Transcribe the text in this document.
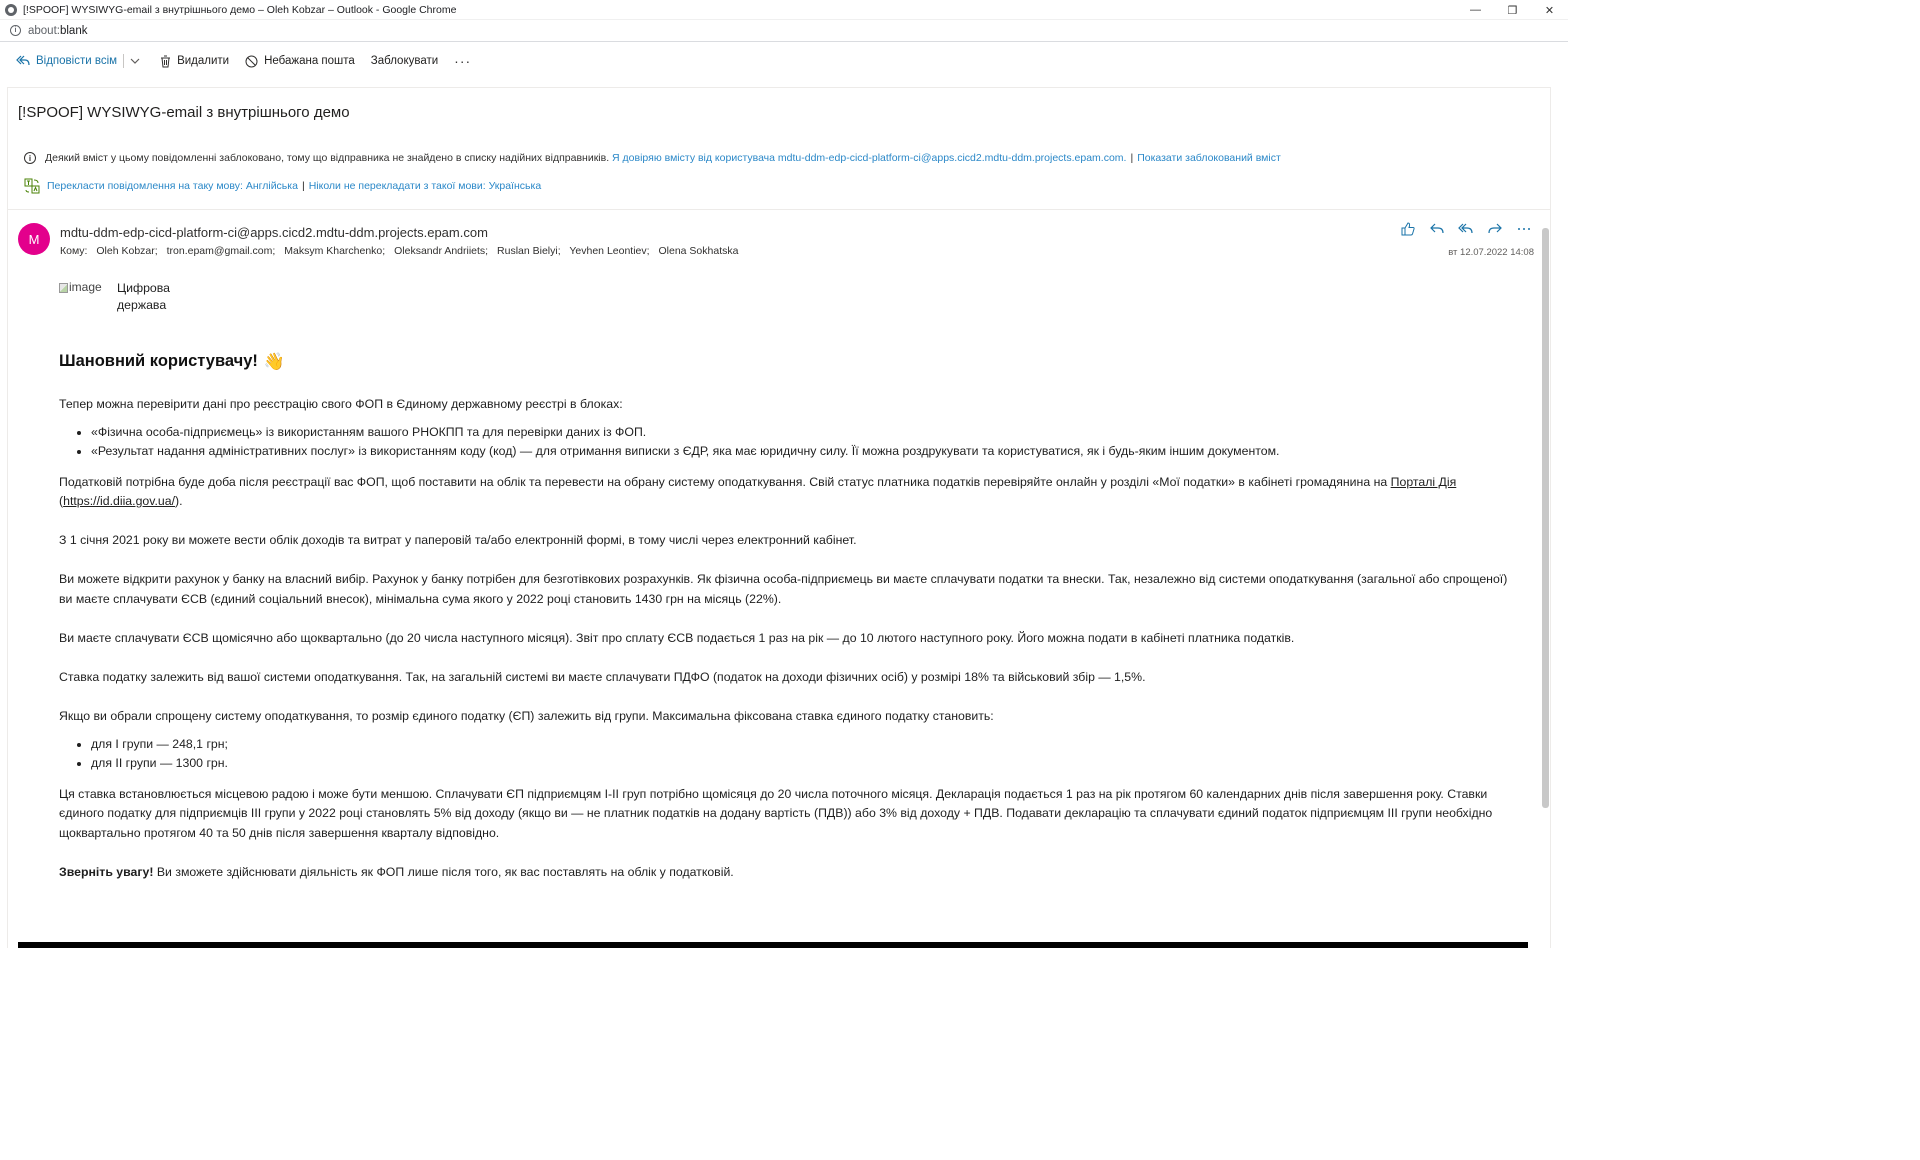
[!SPOOF] WYSIWYG-email з внутрішнього демо – Oleh Kobzar – Outlook - Google Chrome	—	❐	✕
i	about:blank
Відповісти всім	Видалити	Небажана пошта Заблокувати ···
[!SPOOF] WYSIWYG-email з внутрішнього демо
i	Деякий вміст у цьому повідомленні заблоковано, тому що відправника не знайдено в списку надійних відправників.
Я довіряю вмісту від користувача mdtu-ddm-edp-cicd-platform-ci@apps.cicd2.mdtu-ddm.projects.epam.com. | Показати заблокований вміст
Перекласти повідомлення на таку мову: Англійська | Ніколи не перекладати з такої мови: Українська
M	mdtu-ddm-edp-cicd-platform-ci@apps.cicd2.mdtu-ddm.projects.epam.com
Кому: Oleh Kobzar; tron.epam@gmail.com; Maksym Kharchenko; Oleksandr Andriiets; Ruslan Bielyi; Yevhen Leontiev; Olena Sokhatska	вт 12.07.2022 14:08
image Цифрова
держава
Шановний користувачу! 👋

Тепер можна перевірити дані про реєстрацію свого ФОП в Єдиному державному реєстрі в блоках:

• «Фізична особа-підприємець» із використанням вашого РНОКПП та для перевірки даних із ФОП.
• «Результат надання адміністративних послуг» із використанням коду (код) — для отримання виписки з ЄДР, яка має юридичну силу. Її можна роздрукувати та користуватися, як і будь-яким іншим документом.

Податковій потрібна буде доба після реєстрації вас ФОП, щоб поставити на облік та перевести на обрану систему оподаткування. Свій статус платника податків перевіряйте онлайн у розділі «Мої податки» в кабінеті громадянина на Порталі Дія (https://id.diia.gov.ua/).

З 1 січня 2021 року ви можете вести облік доходів та витрат у паперовій та/або електронній формі, в тому числі через електронний кабінет.

Ви можете відкрити рахунок у банку на власний вибір. Рахунок у банку потрібен для безготівкових розрахунків. Як фізична особа-підприємець ви маєте сплачувати податки та внески. Так, незалежно від системи оподаткування (загальної або спрощеної) ви маєте сплачувати ЄСВ (єдиний соціальний внесок), мінімальна сума якого у 2022 році становить 1430 грн на місяць (22%).

Ви маєте сплачувати ЄСВ щомісячно або щоквартально (до 20 числа наступного місяця). Звіт про сплату ЄСВ подається 1 раз на рік — до 10 лютого наступного року. Його можна подати в кабінеті платника податків.

Ставка податку залежить від вашої системи оподаткування. Так, на загальній системі ви маєте сплачувати ПДФО (податок на доходи фізичних осіб) у розмірі 18% та військовий збір — 1,5%.

Якщо ви обрали спрощену систему оподаткування, то розмір єдиного податку (ЄП) залежить від групи. Максимальна фіксована ставка єдиного податку становить:

• для І групи — 248,1 грн;
• для ІІ групи — 1300 грн.

Ця ставка встановлюється місцевою радою і може бути меншою. Сплачувати ЄП підприємцям I-II груп потрібно щомісяця до 20 числа поточного місяця. Декларація подається 1 раз на рік протягом 60 календарних днів після завершення року. Ставки єдиного податку для підприємців III групи у 2022 році становлять 5% від доходу (якщо ви — не платник податків на додану вартість (ПДВ)) або 3% від доходу + ПДВ. Подавати декларацію та сплачувати єдиний податок підприємцям III групи необхідно щоквартально протягом 40 та 50 днів після завершення кварталу відповідно.

Зверніть увагу! Ви зможете здійснювати діяльність як ФОП лише після того, як вас поставлять на облік у податковій.
